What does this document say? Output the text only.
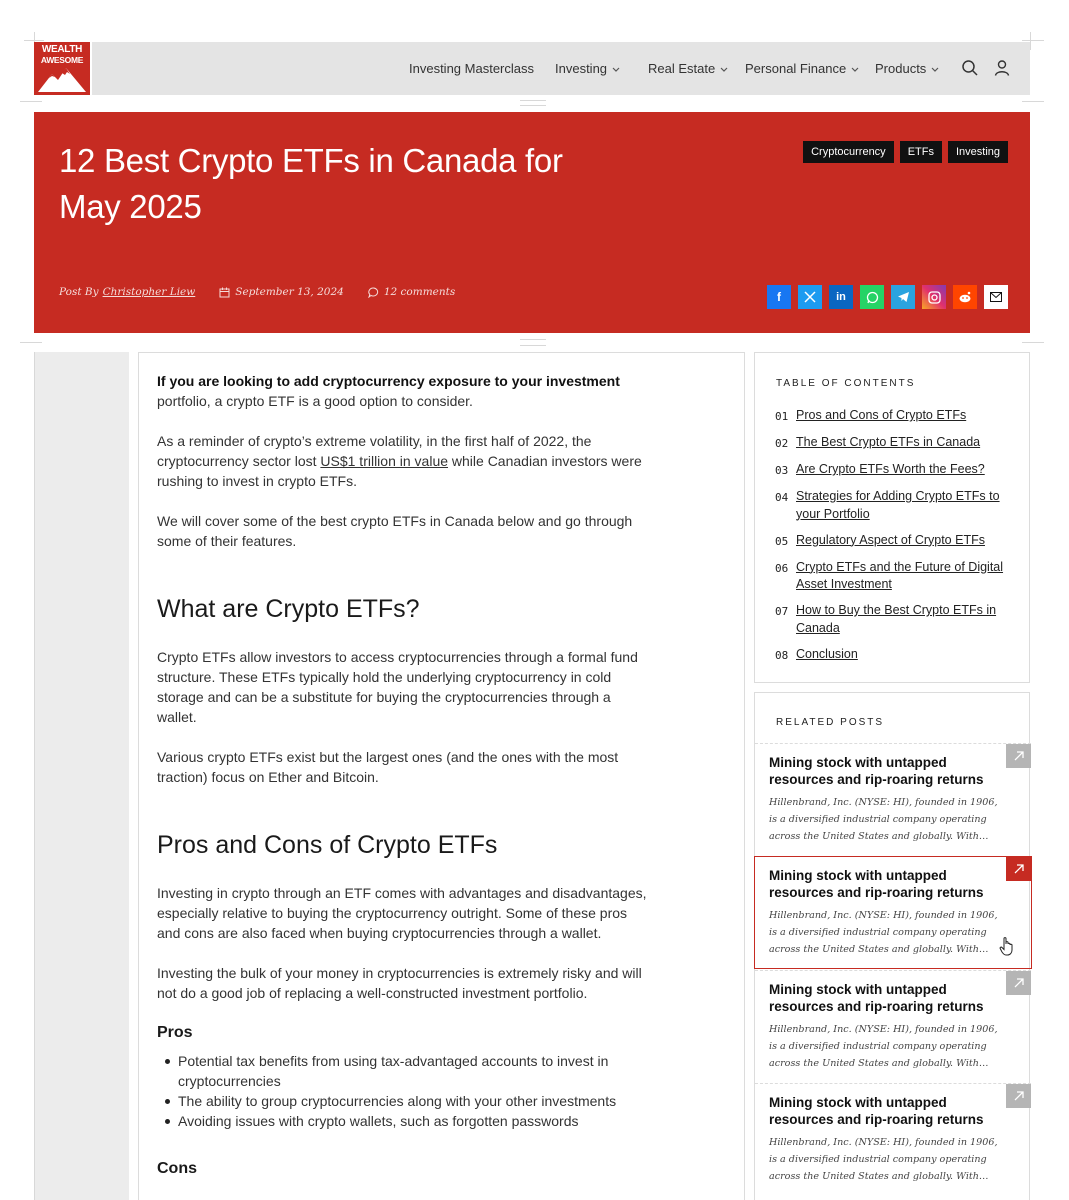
WEALTH
AWESOME
Investing Masterclass Investing	Real Estate Personal Finance Products
12 Best Crypto ETFs in Canada for May 2025
Cryptocurrency	ETFs	Investing
Post By Christopher Liew	September 13, 2024	12 comments	f	in

If you are looking to add cryptocurrency exposure to your investment portfolio, a crypto ETF is a good option to consider.

As a reminder of crypto’s extreme volatility, in the first half of 2022, the cryptocurrency sector lost US$1 trillion in value while Canadian investors were rushing to invest in crypto ETFs.

We will cover some of the best crypto ETFs in Canada below and go through some of their features.

What are Crypto ETFs?

Crypto ETFs allow investors to access cryptocurrencies through a formal fund structure. These ETFs typically hold the underlying cryptocurrency in cold storage and can be a substitute for buying the cryptocurrencies through a wallet.

Various crypto ETFs exist but the largest ones (and the ones with the most traction) focus on Ether and Bitcoin.

Pros and Cons of Crypto ETFs

Investing in crypto through an ETF comes with advantages and disadvantages, especially relative to buying the cryptocurrency outright. Some of these pros and cons are also faced when buying cryptocurrencies through a wallet.

Investing the bulk of your money in cryptocurrencies is extremely risky and will not do a good job of replacing a well-constructed investment portfolio.

Pros
Potential tax benefits from using tax-advantaged accounts to invest in cryptocurrencies
The ability to group cryptocurrencies along with your other investments
Avoiding issues with crypto wallets, such as forgotten passwords
Cons
TABLE OF CONTENTS
01 Pros and Cons of Crypto ETFs
02 The Best Crypto ETFs in Canada
03 Are Crypto ETFs Worth the Fees?
04 Strategies for Adding Crypto ETFs to your Portfolio
05 Regulatory Aspect of Crypto ETFs
06 Crypto ETFs and the Future of Digital Asset Investment
07 How to Buy the Best Crypto ETFs in Canada
08 Conclusion
RELATED POSTS
Mining stock with untapped resources and rip-roaring returns
Hillenbrand, Inc. (NYSE: HI), founded in 1906, is a diversified industrial company operating across the United States and globally. With…
Mining stock with untapped resources and rip-roaring returns
Hillenbrand, Inc. (NYSE: HI), founded in 1906, is a diversified industrial company operating across the United States and globally. With…
Mining stock with untapped resources and rip-roaring returns
Hillenbrand, Inc. (NYSE: HI), founded in 1906, is a diversified industrial company operating across the United States and globally. With…
Mining stock with untapped resources and rip-roaring returns
Hillenbrand, Inc. (NYSE: HI), founded in 1906, is a diversified industrial company operating across the United States and globally. With…
